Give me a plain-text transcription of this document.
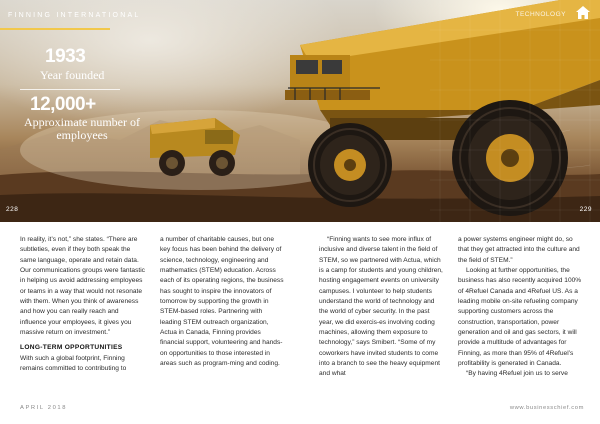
FINNING INTERNATIONAL	TECHNOLOGY
1933
Year founded
12,000+
Approximate number of employees
228	229

In reality, it’s not,” she states. “There are subtleties, even if they both speak the same language, operate and retain data. Our communications groups were fantastic in helping us avoid addressing employees or teams in a way that would not resonate with them. When you think of awareness and how you can really reach and influence your employees, it gives you massive return on investment.”

LONG-TERM OPPORTUNITIES

With such a global footprint, Finning remains committed to contributing to

a number of charitable causes, but one key focus has been behind the delivery of science, technology, engineering and mathematics (STEM) education. Across each of its operating regions, the business has sought to inspire the innovators of tomorrow by supporting the growth in STEM-based roles. Partnering with leading STEM outreach organization, Actua in Canada, Finning provides financial support, volunteering and hands-on opportunities to those interested in areas such as program-ming and coding.

“Finning wants to see more influx of inclusive and diverse talent in the field of STEM, so we partnered with Actua, which is a camp for students and young children, hosting engagement events on university campuses. I volunteer to help students understand the world of technology and the world of cyber security. In the past year, we did exercis-es involving coding machines, allowing them exposure to technology,” says Smibert. “Some of my coworkers have invited students to come into a branch to see the heavy equipment and what

a power systems engineer might do, so that they get attracted into the culture and the field of STEM.”

Looking at further opportunities, the business has also recently acquired 100% of 4Refuel Canada and 4Refuel US. As a leading mobile on-site refueling company supporting customers across the construction, transportation, power generation and oil and gas sectors, it will provide a multitude of advantages for Finning, as more than 95% of 4Refuel’s profitability is generated in Canada.

“By having 4Refuel join us to serve

APRIL 2018	www.businesschief.com
